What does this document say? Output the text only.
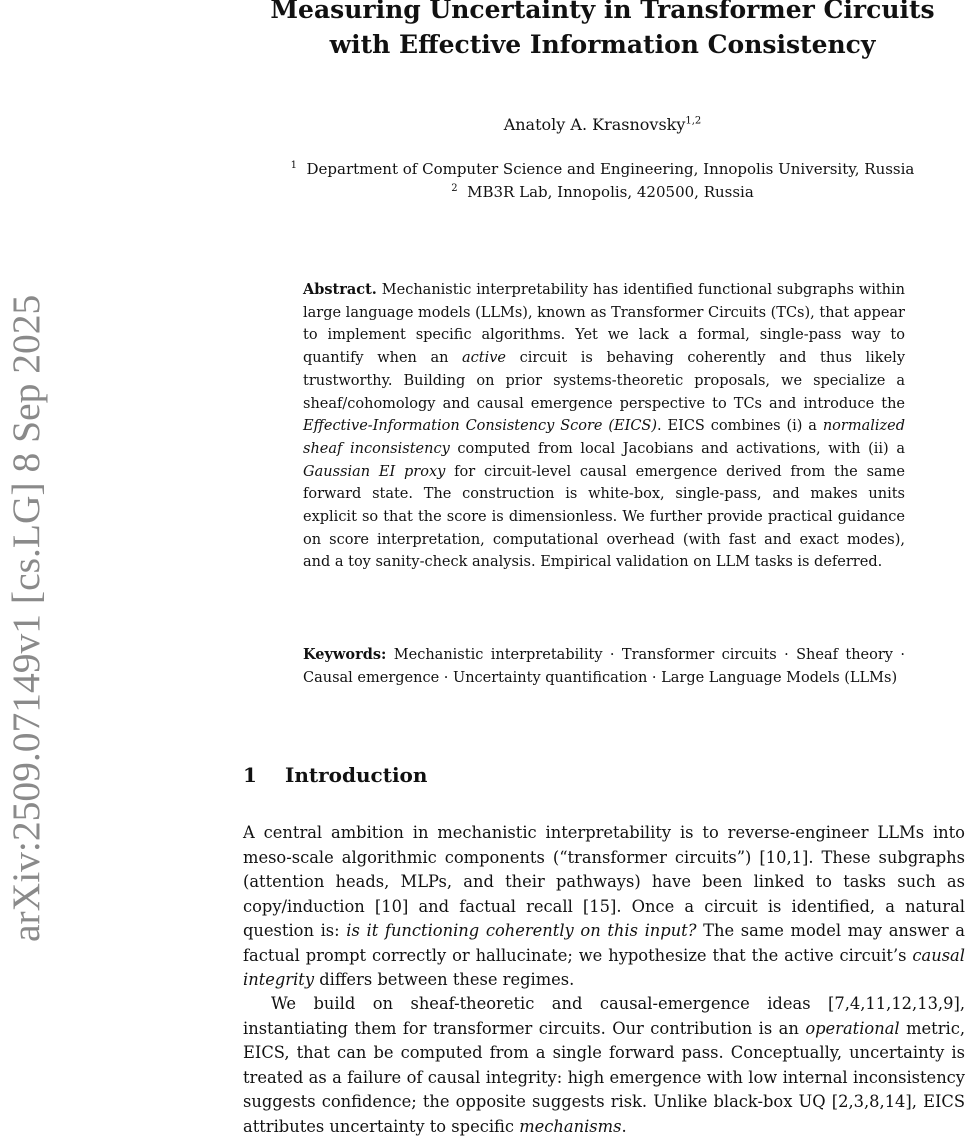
arXiv:2509.07149v1 [cs.LG] 8 Sep 2025
Measuring Uncertainty in Transformer Circuits
with Effective Information Consistency
Anatoly A. Krasnovsky$^{1,2}$
$^1$ Department of Computer Science and Engineering, Innopolis University, Russia
$^2$ MB3R Lab, Innopolis, 420500, Russia

Abstract. Mechanistic interpretability has identified functional subgraphs within large language models (LLMs), known as Transformer Circuits (TCs), that appear to implement specific algorithms. Yet we lack a formal, single-pass way to quantify when an active circuit is behaving coherently and thus likely trustworthy. Building on prior systems-theoretic proposals, we specialize a sheaf/cohomology and causal emergence perspective to TCs and introduce the Effective-Information Consistency Score (EICS). EICS combines (i) a normalized sheaf inconsistency computed from local Jacobians and activations, with (ii) a Gaussian EI proxy for circuit-level causal emergence derived from the same forward state. The construction is white-box, single-pass, and makes units explicit so that the score is dimensionless. We further provide practical guidance on score interpretation, computational overhead (with fast and exact modes), and a toy sanity-check analysis. Empirical validation on LLM tasks is deferred.

Keywords: Mechanistic interpretability · Transformer circuits · Sheaf theory · Causal emergence · Uncertainty quantification · Large Language Models (LLMs)

1 Introduction

A central ambition in mechanistic interpretability is to reverse-engineer LLMs into meso-scale algorithmic components (“transformer circuits”) [10,1]. These subgraphs (attention heads, MLPs, and their pathways) have been linked to tasks such as copy/induction [10] and factual recall [15]. Once a circuit is identified, a natural question is: is it functioning coherently on this input? The same model may answer a factual prompt correctly or hallucinate; we hypothesize that the active circuit’s causal integrity differs between these regimes.

We build on sheaf-theoretic and causal-emergence ideas [7,4,11,12,13,9], instantiating them for transformer circuits. Our contribution is an operational metric, EICS, that can be computed from a single forward pass. Conceptually, uncertainty is treated as a failure of causal integrity: high emergence with low internal inconsistency suggests confidence; the opposite suggests risk. Unlike black-box UQ [2,3,8,14], EICS attributes uncertainty to specific mechanisms.
